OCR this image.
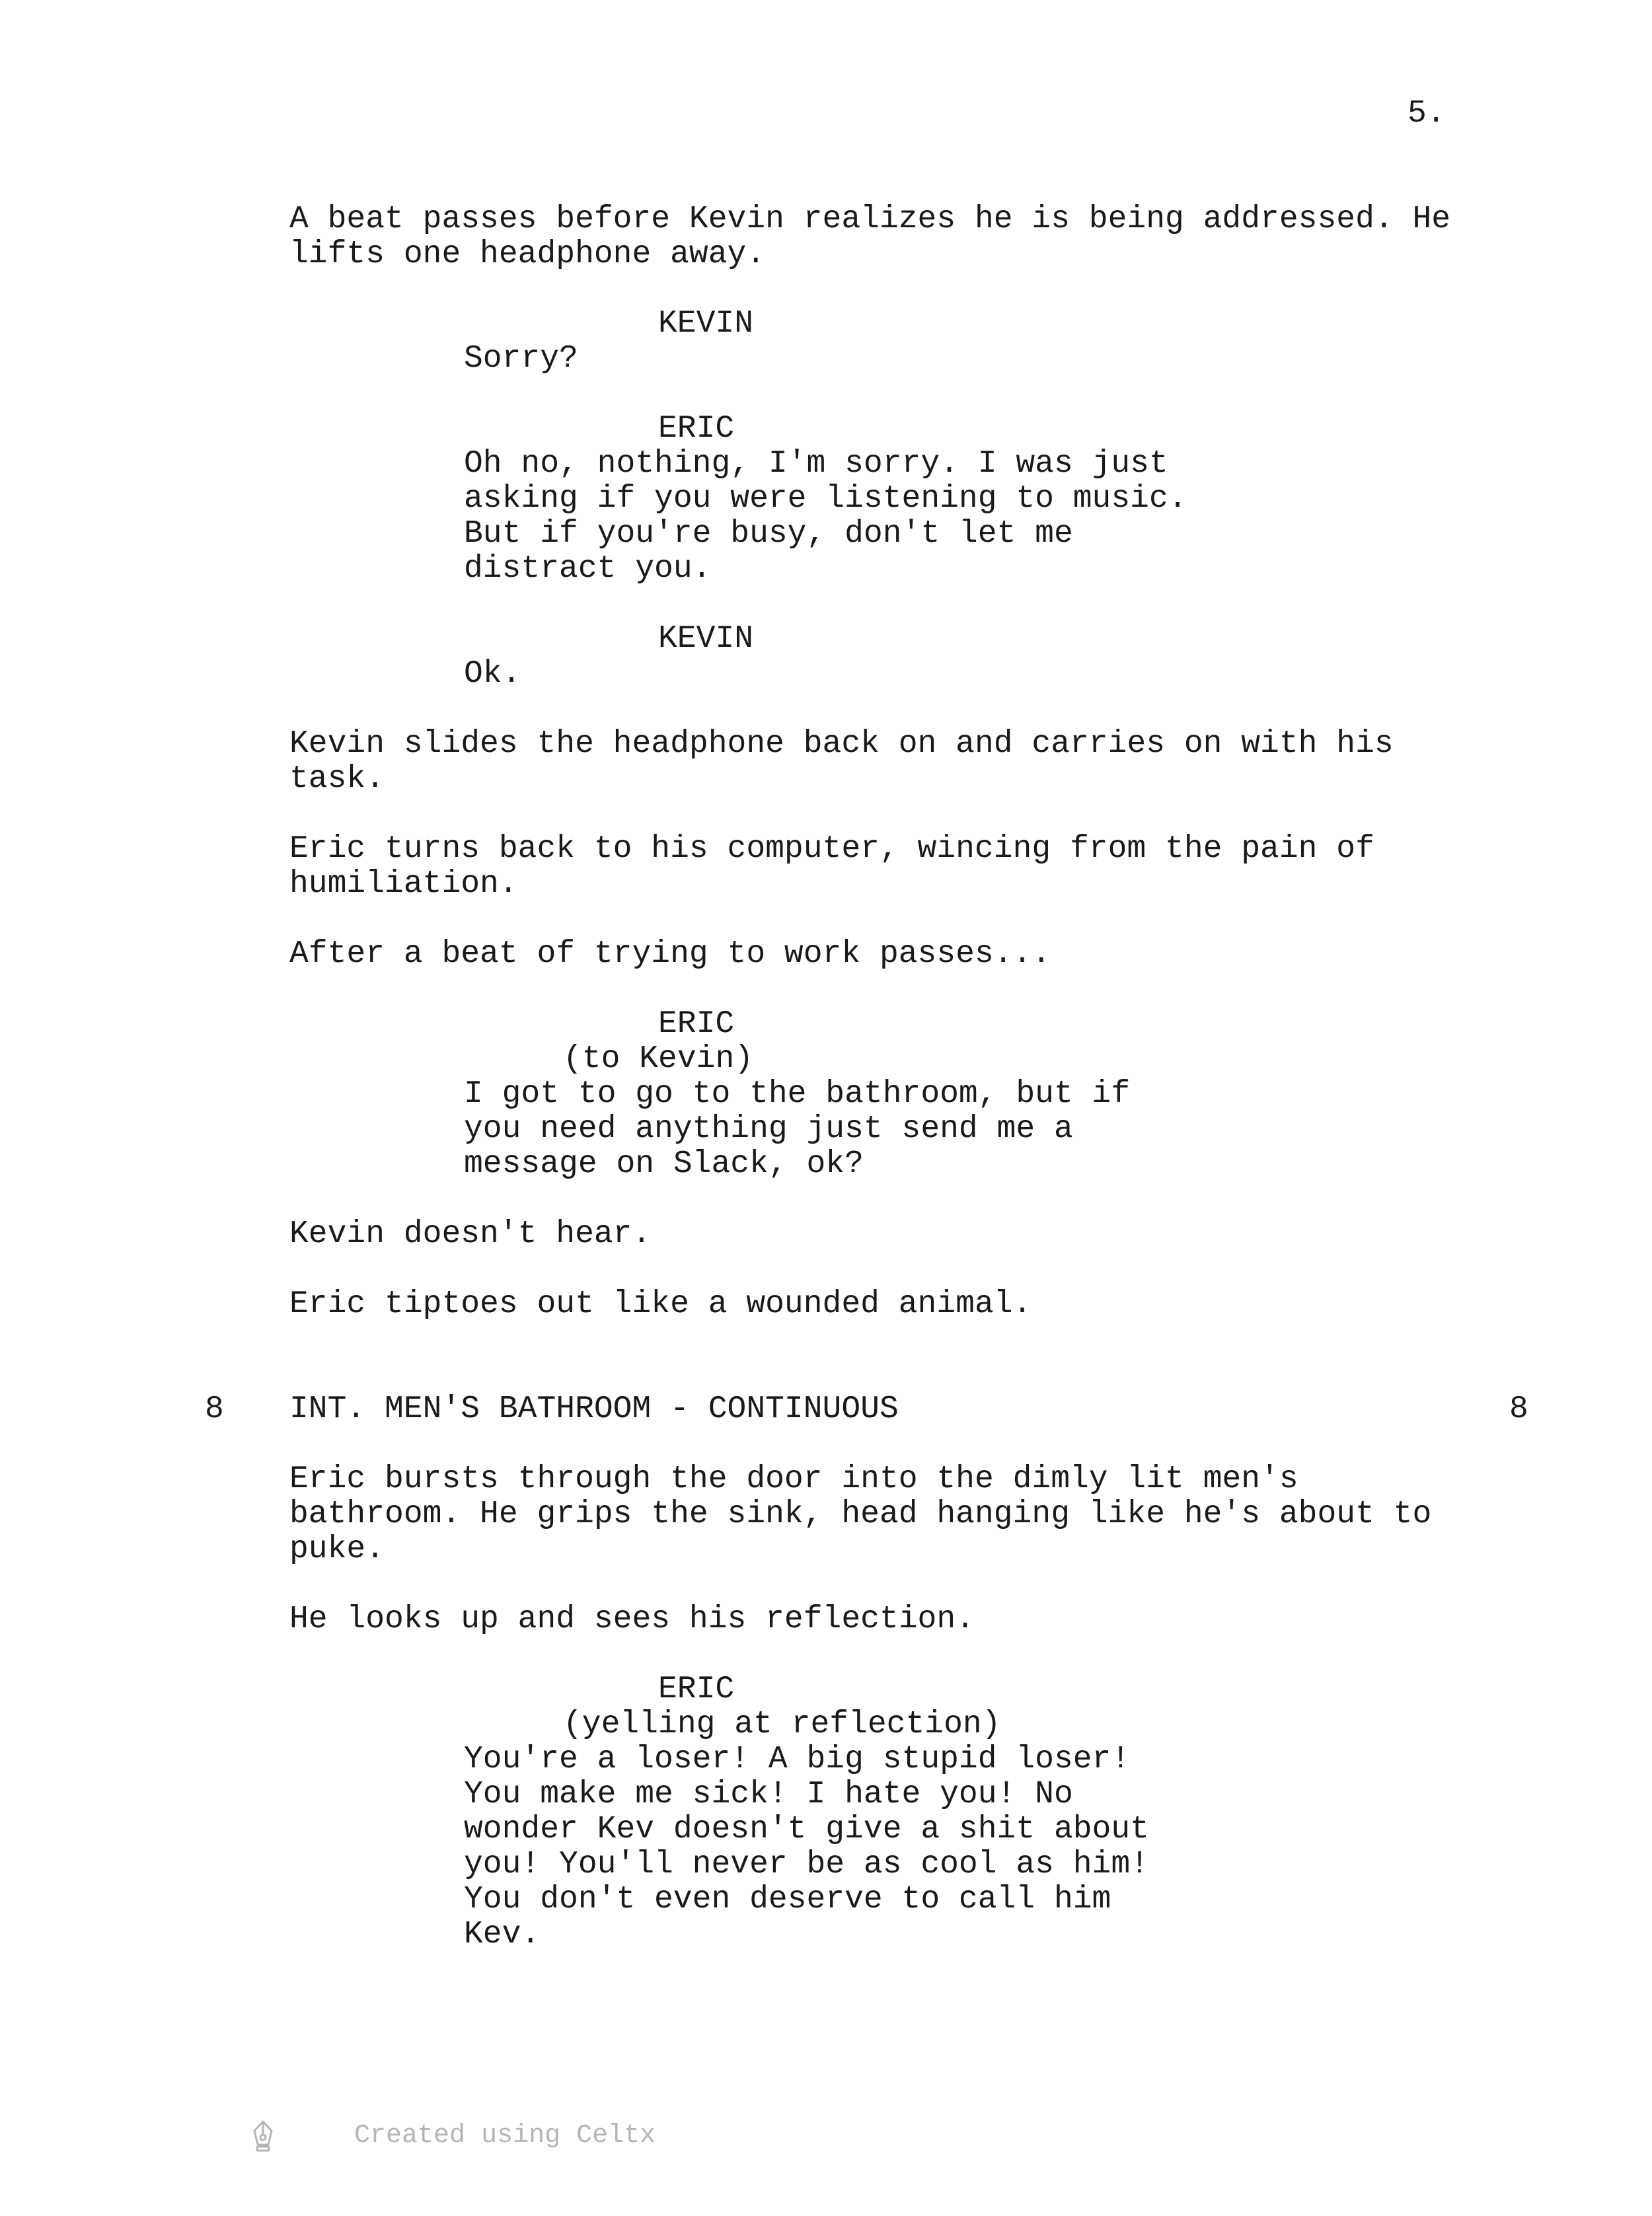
5.
A beat passes before Kevin realizes he is being addressed. He
lifts one headphone away.
KEVIN
Sorry?
ERIC
Oh no, nothing, I'm sorry. I was just
asking if you were listening to music.
But if you're busy, don't let me
distract you.
KEVIN
Ok.
Kevin slides the headphone back on and carries on with his
task.
Eric turns back to his computer, wincing from the pain of
humiliation.
After a beat of trying to work passes...
ERIC
(to Kevin)
I got to go to the bathroom, but if
you need anything just send me a
message on Slack, ok?
Kevin doesn't hear.
Eric tiptoes out like a wounded animal.
8 INT. MEN'S BATHROOM - CONTINUOUS	8
Eric bursts through the door into the dimly lit men's
bathroom. He grips the sink, head hanging like he's about to
puke.
He looks up and sees his reflection.
ERIC
(yelling at reflection)
You're a loser! A big stupid loser!
You make me sick! I hate you! No
wonder Kev doesn't give a shit about
you! You'll never be as cool as him!
You don't even deserve to call him
Kev.

Created using Celtx
